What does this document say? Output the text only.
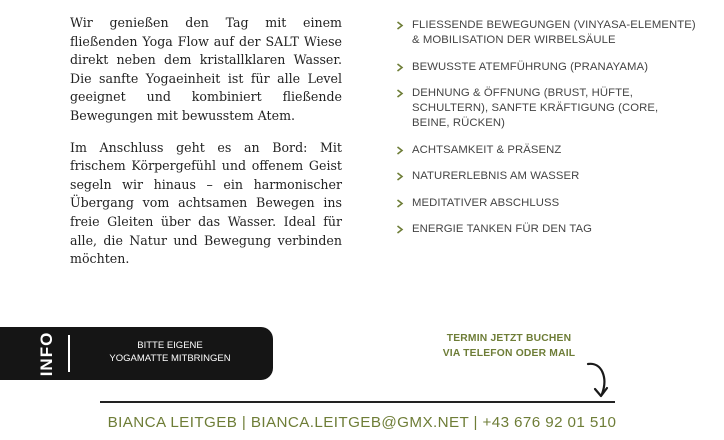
Wir genießen den Tag mit einem fließenden Yoga Flow auf der SALT Wiese direkt neben dem kristallklaren Wasser. Die sanfte Yogaeinheit ist für alle Level geeignet und kombiniert fließende Bewegungen mit bewusstem Atem.

Im Anschluss geht es an Bord: Mit frischem Körpergefühl und offenem Geist segeln wir hinaus – ein harmonischer Übergang vom achtsamen Bewegen ins freie Gleiten über das Wasser. Ideal für alle, die Natur und Bewegung verbinden möchten.

FLIESSENDE BEWEGUNGEN (VINYASA-ELEMENTE) & MOBILISATION DER WIRBELSÄULE
BEWUSSTE ATEMFÜHRUNG (PRANAYAMA)
DEHNUNG & ÖFFNUNG (BRUST, HÜFTE, SCHULTERN), SANFTE KRÄFTIGUNG (CORE, BEINE, RÜCKEN)
ACHTSAMKEIT & PRÄSENZ
NATURERLEBNIS AM WASSER
MEDITATIVER ABSCHLUSS
ENERGIE TANKEN FÜR DEN TAG
INFO	BITTE EIGENE
YOGAMATTE MITBRINGEN
TERMIN JETZT BUCHEN
VIA TELEFON ODER MAIL
BIANCA LEITGEB | BIANCA.LEITGEB@GMX.NET | +43 676 92 01 510
